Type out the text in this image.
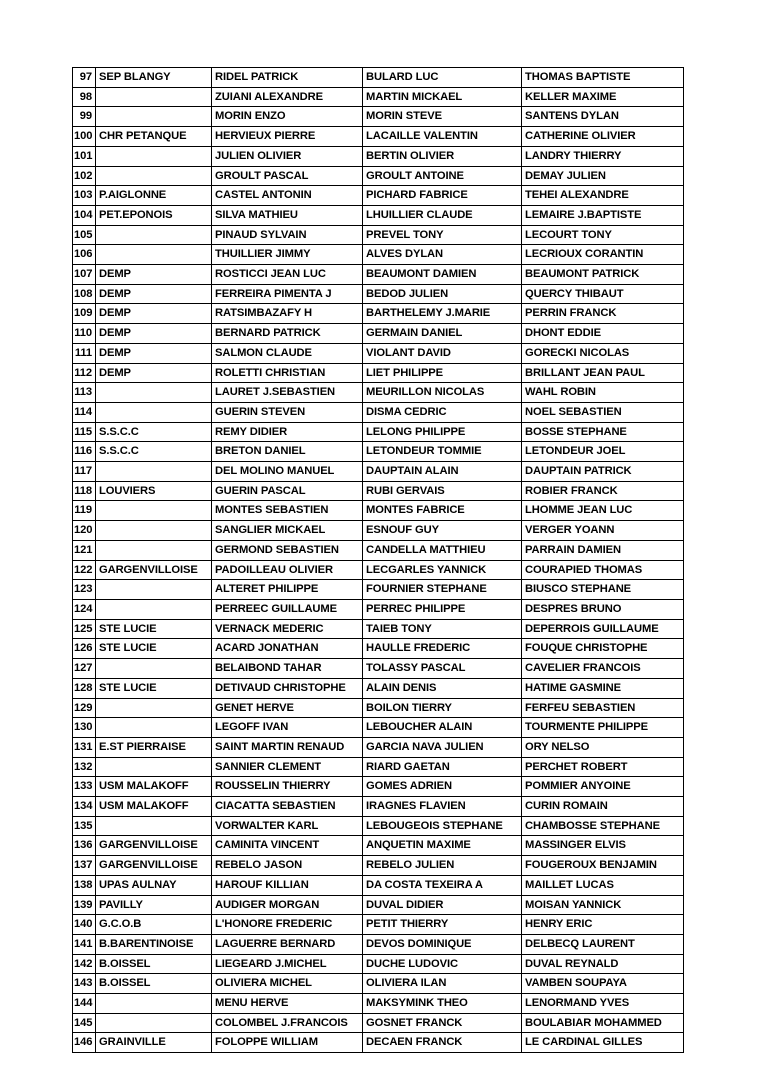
97	SEP BLANGY	RIDEL PATRICK	BULARD LUC	THOMAS BAPTISTE
98		ZUIANI ALEXANDRE	MARTIN MICKAEL	KELLER MAXIME
99		MORIN ENZO	MORIN STEVE	SANTENS DYLAN
100	CHR PETANQUE	HERVIEUX PIERRE	LACAILLE VALENTIN	CATHERINE OLIVIER
101		JULIEN OLIVIER	BERTIN OLIVIER	LANDRY THIERRY
102		GROULT PASCAL	GROULT ANTOINE	DEMAY JULIEN
103	P.AIGLONNE	CASTEL ANTONIN	PICHARD FABRICE	TEHEI ALEXANDRE
104	PET.EPONOIS	SILVA MATHIEU	LHUILLIER CLAUDE	LEMAIRE J.BAPTISTE
105		PINAUD SYLVAIN	PREVEL TONY	LECOURT TONY
106		THUILLIER JIMMY	ALVES DYLAN	LECRIOUX CORANTIN
107	DEMP	ROSTICCI JEAN LUC	BEAUMONT DAMIEN	BEAUMONT PATRICK
108	DEMP	FERREIRA PIMENTA J	BEDOD JULIEN	QUERCY THIBAUT
109	DEMP	RATSIMBAZAFY H	BARTHELEMY J.MARIE	PERRIN FRANCK
110	DEMP	BERNARD PATRICK	GERMAIN DANIEL	DHONT EDDIE
111	DEMP	SALMON CLAUDE	VIOLANT DAVID	GORECKI NICOLAS
112	DEMP	ROLETTI CHRISTIAN	LIET PHILIPPE	BRILLANT JEAN PAUL
113		LAURET J.SEBASTIEN	MEURILLON NICOLAS	WAHL ROBIN
114		GUERIN STEVEN	DISMA CEDRIC	NOEL SEBASTIEN
115	S.S.C.C	REMY DIDIER	LELONG PHILIPPE	BOSSE STEPHANE
116	S.S.C.C	BRETON DANIEL	LETONDEUR TOMMIE	LETONDEUR JOEL
117		DEL MOLINO MANUEL	DAUPTAIN ALAIN	DAUPTAIN PATRICK
118	LOUVIERS	GUERIN PASCAL	RUBI GERVAIS	ROBIER FRANCK
119		MONTES SEBASTIEN	MONTES FABRICE	LHOMME JEAN LUC
120		SANGLIER MICKAEL	ESNOUF GUY	VERGER YOANN
121		GERMOND SEBASTIEN	CANDELLA MATTHIEU	PARRAIN DAMIEN
122	GARGENVILLOISE	PADOILLEAU OLIVIER	LECGARLES YANNICK	COURAPIED THOMAS
123		ALTERET PHILIPPE	FOURNIER STEPHANE	BIUSCO STEPHANE
124		PERREEC GUILLAUME	PERREC PHILIPPE	DESPRES BRUNO
125	STE LUCIE	VERNACK MEDERIC	TAIEB TONY	DEPERROIS GUILLAUME
126	STE LUCIE	ACARD JONATHAN	HAULLE FREDERIC	FOUQUE CHRISTOPHE
127		BELAIBOND TAHAR	TOLASSY PASCAL	CAVELIER FRANCOIS
128	STE LUCIE	DETIVAUD CHRISTOPHE	ALAIN DENIS	HATIME GASMINE
129		GENET HERVE	BOILON TIERRY	FERFEU SEBASTIEN
130		LEGOFF IVAN	LEBOUCHER ALAIN	TOURMENTE PHILIPPE
131	E.ST PIERRAISE	SAINT MARTIN RENAUD	GARCIA NAVA JULIEN	ORY NELSO
132		SANNIER CLEMENT	RIARD GAETAN	PERCHET ROBERT
133	USM MALAKOFF	ROUSSELIN THIERRY	GOMES ADRIEN	POMMIER ANYOINE
134	USM MALAKOFF	CIACATTA SEBASTIEN	IRAGNES FLAVIEN	CURIN ROMAIN
135		VORWALTER KARL	LEBOUGEOIS STEPHANE	CHAMBOSSE STEPHANE
136	GARGENVILLOISE	CAMINITA VINCENT	ANQUETIN MAXIME	MASSINGER ELVIS
137	GARGENVILLOISE	REBELO JASON	REBELO JULIEN	FOUGEROUX BENJAMIN
138	UPAS AULNAY	HAROUF KILLIAN	DA COSTA TEXEIRA A	MAILLET LUCAS
139	PAVILLY	AUDIGER MORGAN	DUVAL DIDIER	MOISAN YANNICK
140	G.C.O.B	L'HONORE FREDERIC	PETIT THIERRY	HENRY ERIC
141	B.BARENTINOISE	LAGUERRE BERNARD	DEVOS DOMINIQUE	DELBECQ LAURENT
142	B.OISSEL	LIEGEARD J.MICHEL	DUCHE LUDOVIC	DUVAL REYNALD
143	B.OISSEL	OLIVIERA MICHEL	OLIVIERA ILAN	VAMBEN SOUPAYA
144		MENU HERVE	MAKSYMINK THEO	LENORMAND YVES
145		COLOMBEL J.FRANCOIS	GOSNET FRANCK	BOULABIAR MOHAMMED
146	GRAINVILLE	FOLOPPE WILLIAM	DECAEN FRANCK	LE CARDINAL GILLES
